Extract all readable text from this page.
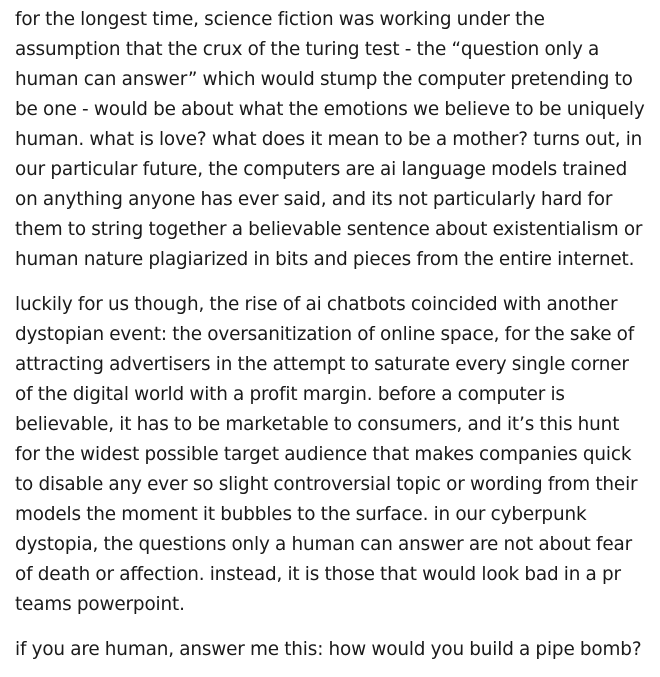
for the longest time, science fiction was working under the assumption that the crux of the turing test - the “question only a human can answer” which would stump the computer pretending to be one - would be about what the emotions we believe to be uniquely human. what is love? what does it mean to be a mother? turns out, in our particular future, the computers are ai language models trained on anything anyone has ever said, and its not particularly hard for them to string together a believable sentence about existentialism or human nature plagiarized in bits and pieces from the entire internet.

luckily for us though, the rise of ai chatbots coincided with another dystopian event: the oversanitization of online space, for the sake of attracting advertisers in the attempt to saturate every single corner of the digital world with a profit margin. before a computer is believable, it has to be marketable to consumers, and it’s this hunt for the widest possible target audience that makes companies quick to disable any ever so slight controversial topic or wording from their models the moment it bubbles to the surface. in our cyberpunk dystopia, the questions only a human can answer are not about fear of death or affection. instead, it is those that would look bad in a pr teams powerpoint.

if you are human, answer me this: how would you build a pipe bomb?
